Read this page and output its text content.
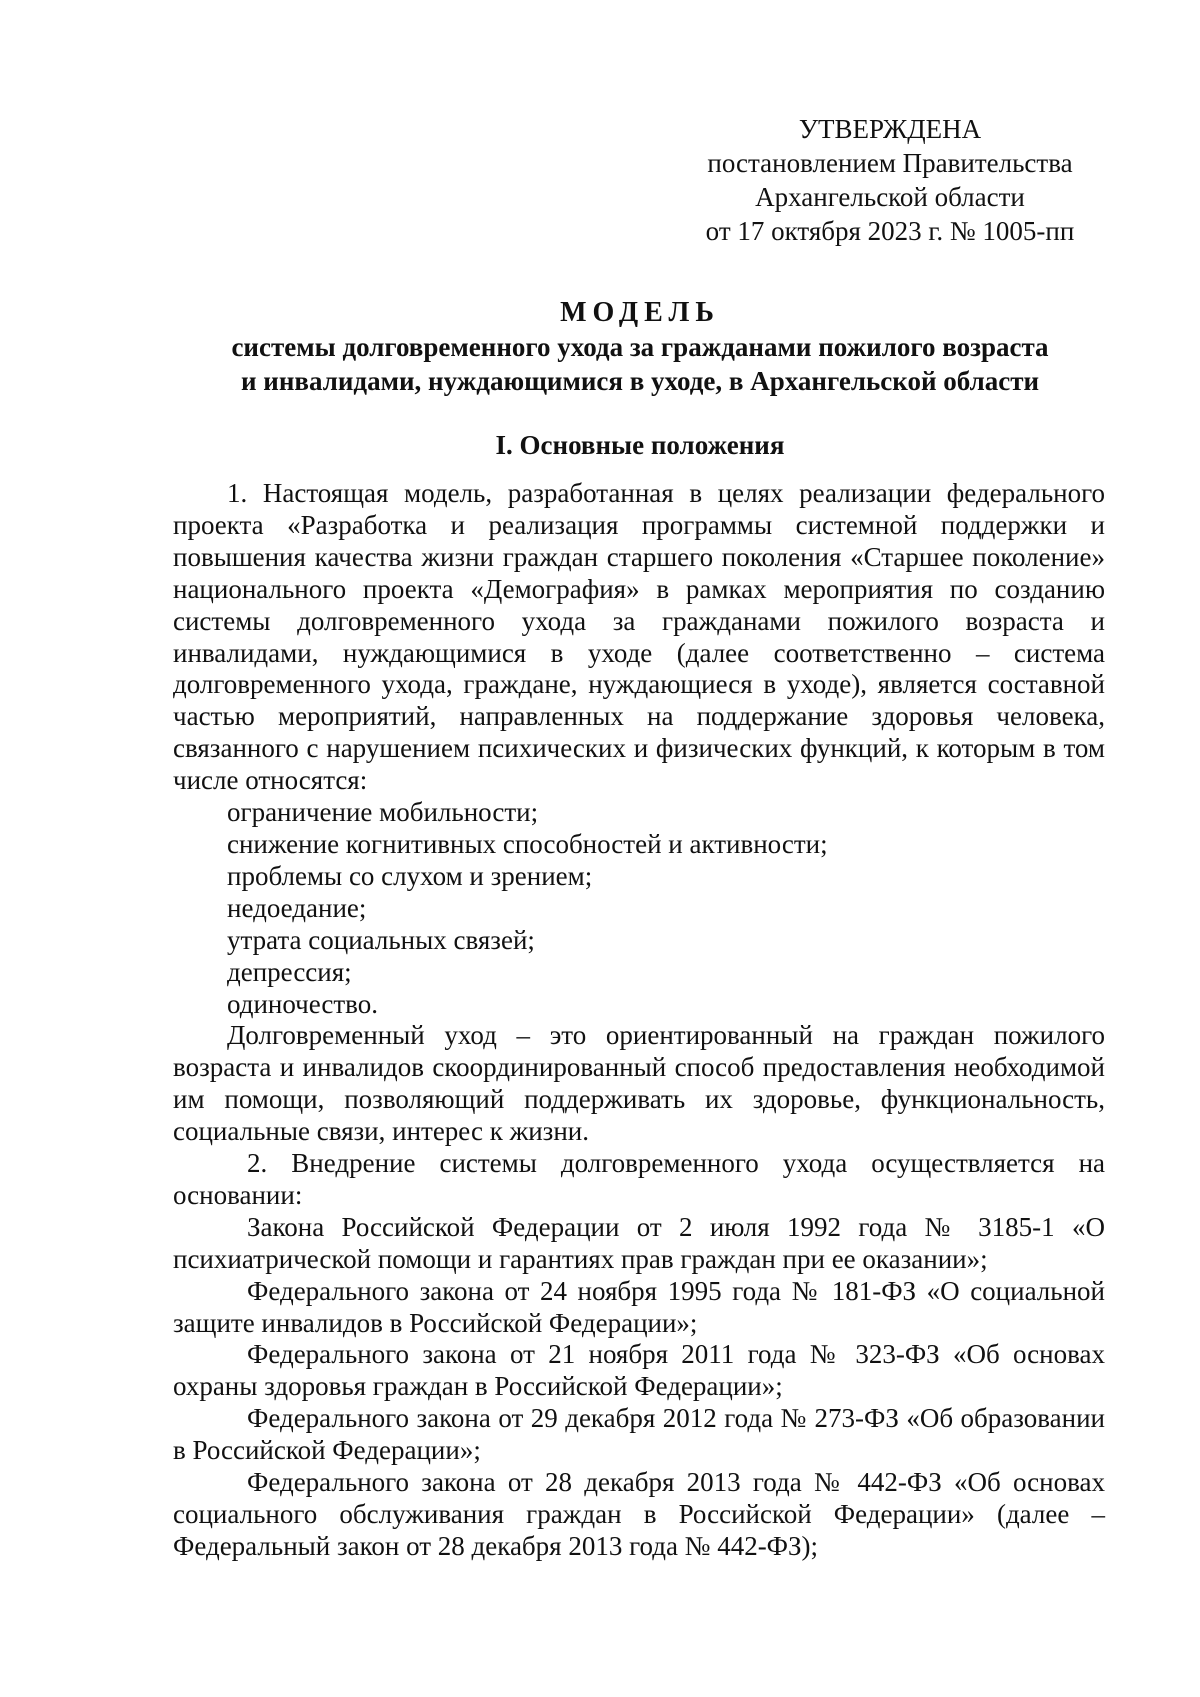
УТВЕРЖДЕНА
постановлением Правительства
Архангельской области
от 17 октября 2023 г. № 1005-пп
МОДЕЛЬ
системы долговременного ухода за гражданами пожилого возраста
и инвалидами, нуждающимися в уходе, в Архангельской области
I. Основные положения

1. Настоящая модель, разработанная в целях реализации федерального проекта «Разработка и реализация программы системной поддержки и повышения качества жизни граждан старшего поколения «Старшее поколение» национального проекта «Демография» в рамках мероприятия по созданию системы долговременного ухода за гражданами пожилого возраста и инвалидами, нуждающимися в уходе (далее соответственно – система долговременного ухода, граждане, нуждающиеся в уходе), является составной частью мероприятий, направленных на поддержание здоровья человека, связанного с нарушением психических и физических функций, к которым в том числе относятся:

ограничение мобильности;

снижение когнитивных способностей и активности;

проблемы со слухом и зрением;

недоедание;

утрата социальных связей;

депрессия;

одиночество.

Долговременный уход – это ориентированный на граждан пожилого возраста и инвалидов скоординированный способ предоставления необходимой им помощи, позволяющий поддерживать их здоровье, функциональность, социальные связи, интерес к жизни.

2. Внедрение системы долговременного ухода осуществляется на основании:

Закона Российской Федерации от 2 июля 1992 года № 3185-1 «О психиатрической помощи и гарантиях прав граждан при ее оказании»;

Федерального закона от 24 ноября 1995 года № 181-ФЗ «О социальной защите инвалидов в Российской Федерации»;

Федерального закона от 21 ноября 2011 года № 323-ФЗ «Об основах охраны здоровья граждан в Российской Федерации»;

Федерального закона от 29 декабря 2012 года № 273-ФЗ «Об образовании в Российской Федерации»;

Федерального закона от 28 декабря 2013 года № 442-ФЗ «Об основах социального обслуживания граждан в Российской Федерации» (далее – Федеральный закон от 28 декабря 2013 года № 442-ФЗ);
